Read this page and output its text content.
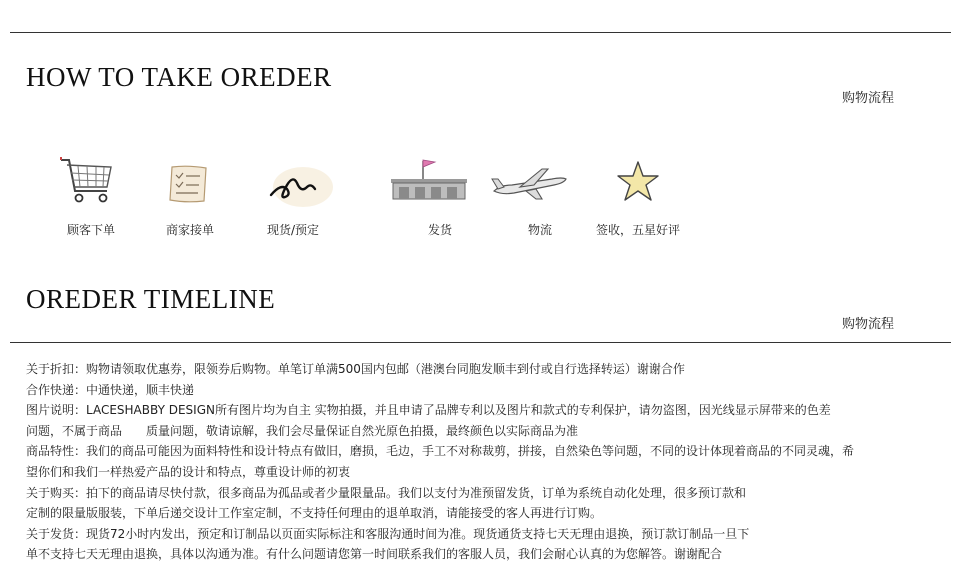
HOW TO TAKE OREDER
购物流程
顾客下单	商家接单	现货/预定	发货	物流	签收，五星好评
OREDER TIMELINE
购物流程
关于折扣：购物请领取优惠券，限领券后购物。单笔订单满500国内包邮（港澳台同胞发顺丰到付或自行选择转运）谢谢合作
合作快递：中通快递，顺丰快递
图片说明：LACESHABBY DESIGN所有图片均为自主 实物拍摄，并且申请了品牌专利以及图片和款式的专利保护，请勿盗图，因光线显示屏带来的色差
问题，不属于商品　　质量问题，敬请谅解，我们会尽量保证自然光原色拍摄，最终颜色以实际商品为准
商品特性：我们的商品可能因为面料特性和设计特点有做旧，磨损，毛边，手工不对称裁剪，拼接，自然染色等问题，不同的设计体现着商品的不同灵魂，希
望你们和我们一样热爱产品的设计和特点，尊重设计师的初衷
关于购买：拍下的商品请尽快付款，很多商品为孤品或者少量限量品。我们以支付为准预留发货，订单为系统自动化处理，很多预订款和
定制的限量版服装，下单后递交设计工作室定制，不支持任何理由的退单取消，请能接受的客人再进行订购。
关于发货：现货72小时内发出，预定和订制品以页面实际标注和客服沟通时间为准。现货通货支持七天无理由退换，预订款订制品一旦下
单不支持七天无理由退换，具体以沟通为准。有什么问题请您第一时间联系我们的客服人员，我们会耐心认真的为您解答。谢谢配合
